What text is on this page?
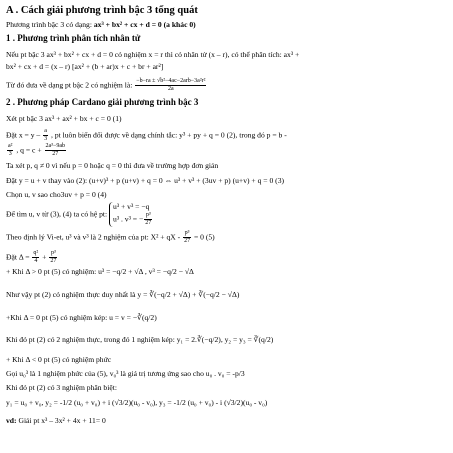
A . Cách giải phương trình bậc 3 tổng quát
Phương trình bậc 3 có dạng: ax³ + bx² + cx + d = 0 (a khác 0)
1 . Phương trình phân tích nhân tử
Nếu pt bậc 3 ax³ + bx² + cx + d = 0 có nghiệm x = r thì có nhân tử (x – r), có thể phân tích: ax³ +
bx² + cx + d = (x – r) [ax² + (b + ar)x + c + br + ar²]
Từ đó đưa về dạng pt bậc 2 có nghiệm là: $\frac{\text{−b−ra ± √b²−4ac−2arb−3a²r²}}{2a}$
2 . Phương pháp Cardano giải phương trình bậc 3
Xét pt bậc 3 ax³ + ax² + bx + c = 0 (1)
Đặt $x = y - \frac{a}{3}$ , pt luôn biến đổi được về dạng chính tắc: y³ + py + q = 0 (2), trong đó p = b -
$\frac{\text{a²}}{3}$ , $q = c + \frac{\text{2a³−9ab}}{27}$
Ta xét p, q ≠ 0 vì nếu p = 0 hoặc q = 0 thì đưa về trường hợp đơn giản
Đặt y = u + v thay vào (2): (u+v)³ + p (u+v) + q = 0 ⇔ u³ + v³ + (3uv + p) (u+v) + q = 0 (3)
Chọn u, v sao cho3uv + p = 0 (4)
Để tìm u, v từ (3), (4) ta có hệ pt:
u³ + v³ = −q
u³ . v³ = − $\frac{\text{p³}}{27}$
Theo định lý Vi-et, u³ và v³ là 2 nghiệm của pt: X² + qX - $\frac{\text{p³}}{27} = 0$ (5)
Đặt $\Delta = \frac{\text{q²}}{4} + \frac{\text{p³}}{27}$
+ Khi Δ > 0 pt (5) có nghiệm: u³ = −q/2 + √Δ , v³ = −q/2 − √Δ
Như vậy pt (2) có nghiệm thực duy nhất là y = ∛(−q/2 + √Δ) + ∛(−q/2 − √Δ)
+Khi Δ = 0 pt (5) có nghiệm kép: u = v = −∛(q/2)
Khi đó pt (2) có 2 nghiệm thực, trong đó 1 nghiệm kép: y₁ = 2.∛(−q/2), y₂ = y₃ = ∛(q/2)
+ Khi Δ < 0 pt (5) có nghiệm phức
Gọi u₀³ là 1 nghiệm phức của (5), v₀³ là giá trị tương ứng sao cho u₀ . v₀ = -p/3
Khi đó pt (2) có 3 nghiệm phân biệt:
y₁ = u₀ + v₀, y₂ = -1/2 (u₀ + v₀) + i (√3/2)(u₀ - v₀), y₃ = -1/2 (u₀ + v₀) - i (√3/2)(u₀ - v₀)
vd: Giải pt x³ – 3x² + 4x + 11= 0
